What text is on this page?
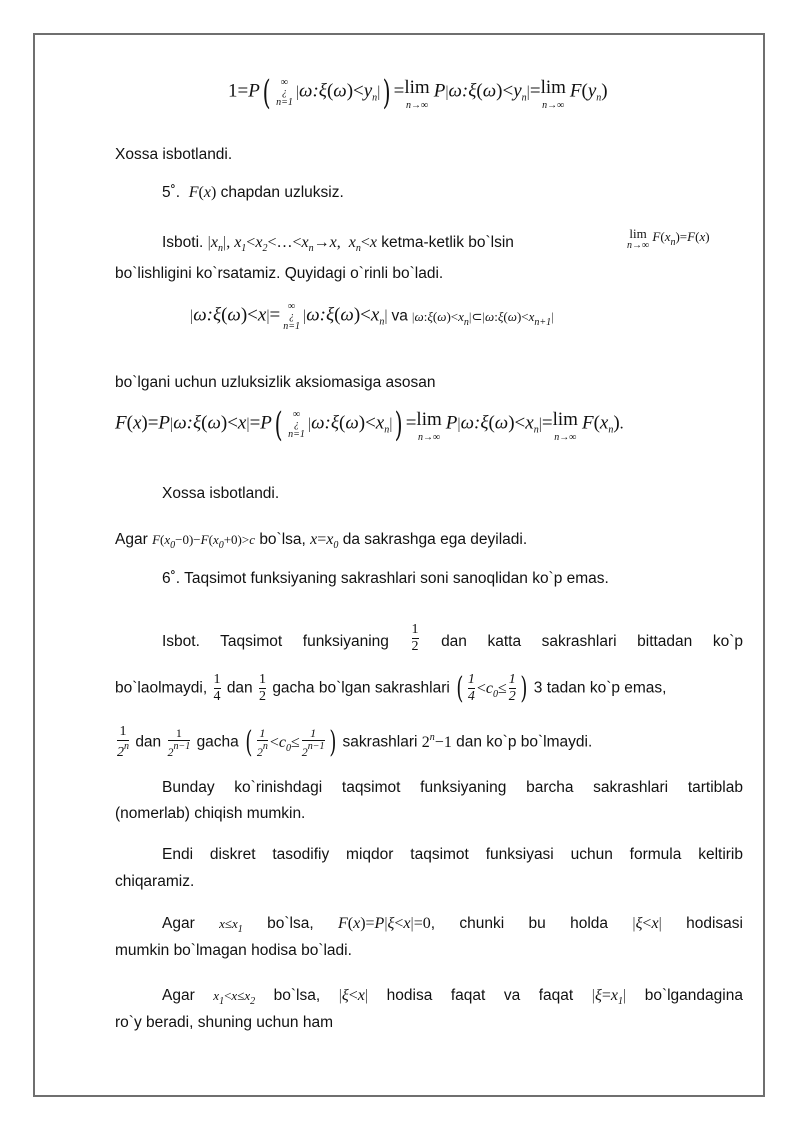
1=P(	∞
¿
n=1
$|\omega:\xi(\omega)<y_n|) = \lim$
n→∞
$P|\omega:\xi(\omega)<y_n|= \lim$
n→∞
$F(y_n)$
Xossa isbotlandi.
5˚. F(x) chapdan uzluksiz.
Isboti. $|x_n|$, $x_1<x_2<\dots<x_n\to x$,  $x_n<x$ ketma-ketlik bo`lsin
lim
n→∞
$F(x_n)=F(x)$
bo`lishligini ko`rsatamiz. Quyidagi o`rinli bo`ladi.
|ω:ξ(ω)<x|= ∞
¿
n=1
$|\omega:\xi(\omega)<x_n|$ va $|\omega:\xi(\omega)<x_n|\subset|\omega:\xi(\omega)<x_{n+1}|$
bo`lgani uchun uzluksizlik aksiomasiga asosan
F(x)=P|ω:ξ(ω)<x|=P(	∞
¿
n=1
$|\omega:\xi(\omega)<x_n|) = \lim$
n→∞
$P|\omega:\xi(\omega)<x_n|= \lim$
n→∞
$F(x_n)$.
Xossa isbotlandi.
Agar $F(x_0-0)-F(x_0+0)>c$ bo`lsa, $x=x_0$ da sakrashga ega deyiladi.
6˚. Taqsimot funksiyaning sakrashlari soni sanoqlidan ko`p emas.
Isbot. Taqsimot funksiyaning $\frac{1}{2}$ dan katta sakrashlari bittadan ko`p
bo`laolmaydi, $\frac{1}{4}$ dan $\frac{1}{2}$ gacha bo`lgan sakrashlari ( $\frac{1}{4} <c_0\le \frac{1}{2}$ ) 3 tadan ko`p emas,
$\frac{1}{2^n}$ dan $\frac{1}{2^{n-1}}$ gacha ( $\frac{1}{2^n} <c_0\le \frac{1}{2^{n-1}}$ ) sakrashlari $2^n-1$ dan ko`p bo`lmaydi.
Bunday ko`rinishdagi taqsimot funksiyaning barcha sakrashlari tartiblab
(nomerlab) chiqish mumkin.
Endi diskret tasodifiy miqdor taqsimot funksiyasi uchun formula keltirib
chiqaramiz.
Agar $x\le x_1$ bo`lsa, F(x)=P|ξ<x|=0, chunki bu holda |ξ<x| hodisasi
mumkin bo`lmagan hodisa bo`ladi.
Agar $x_1<x\le x_2$ bo`lsa, |ξ<x| hodisa faqat va faqat $|\xi=x_1|$ bo`lgandagina
ro`y beradi, shuning uchun ham
